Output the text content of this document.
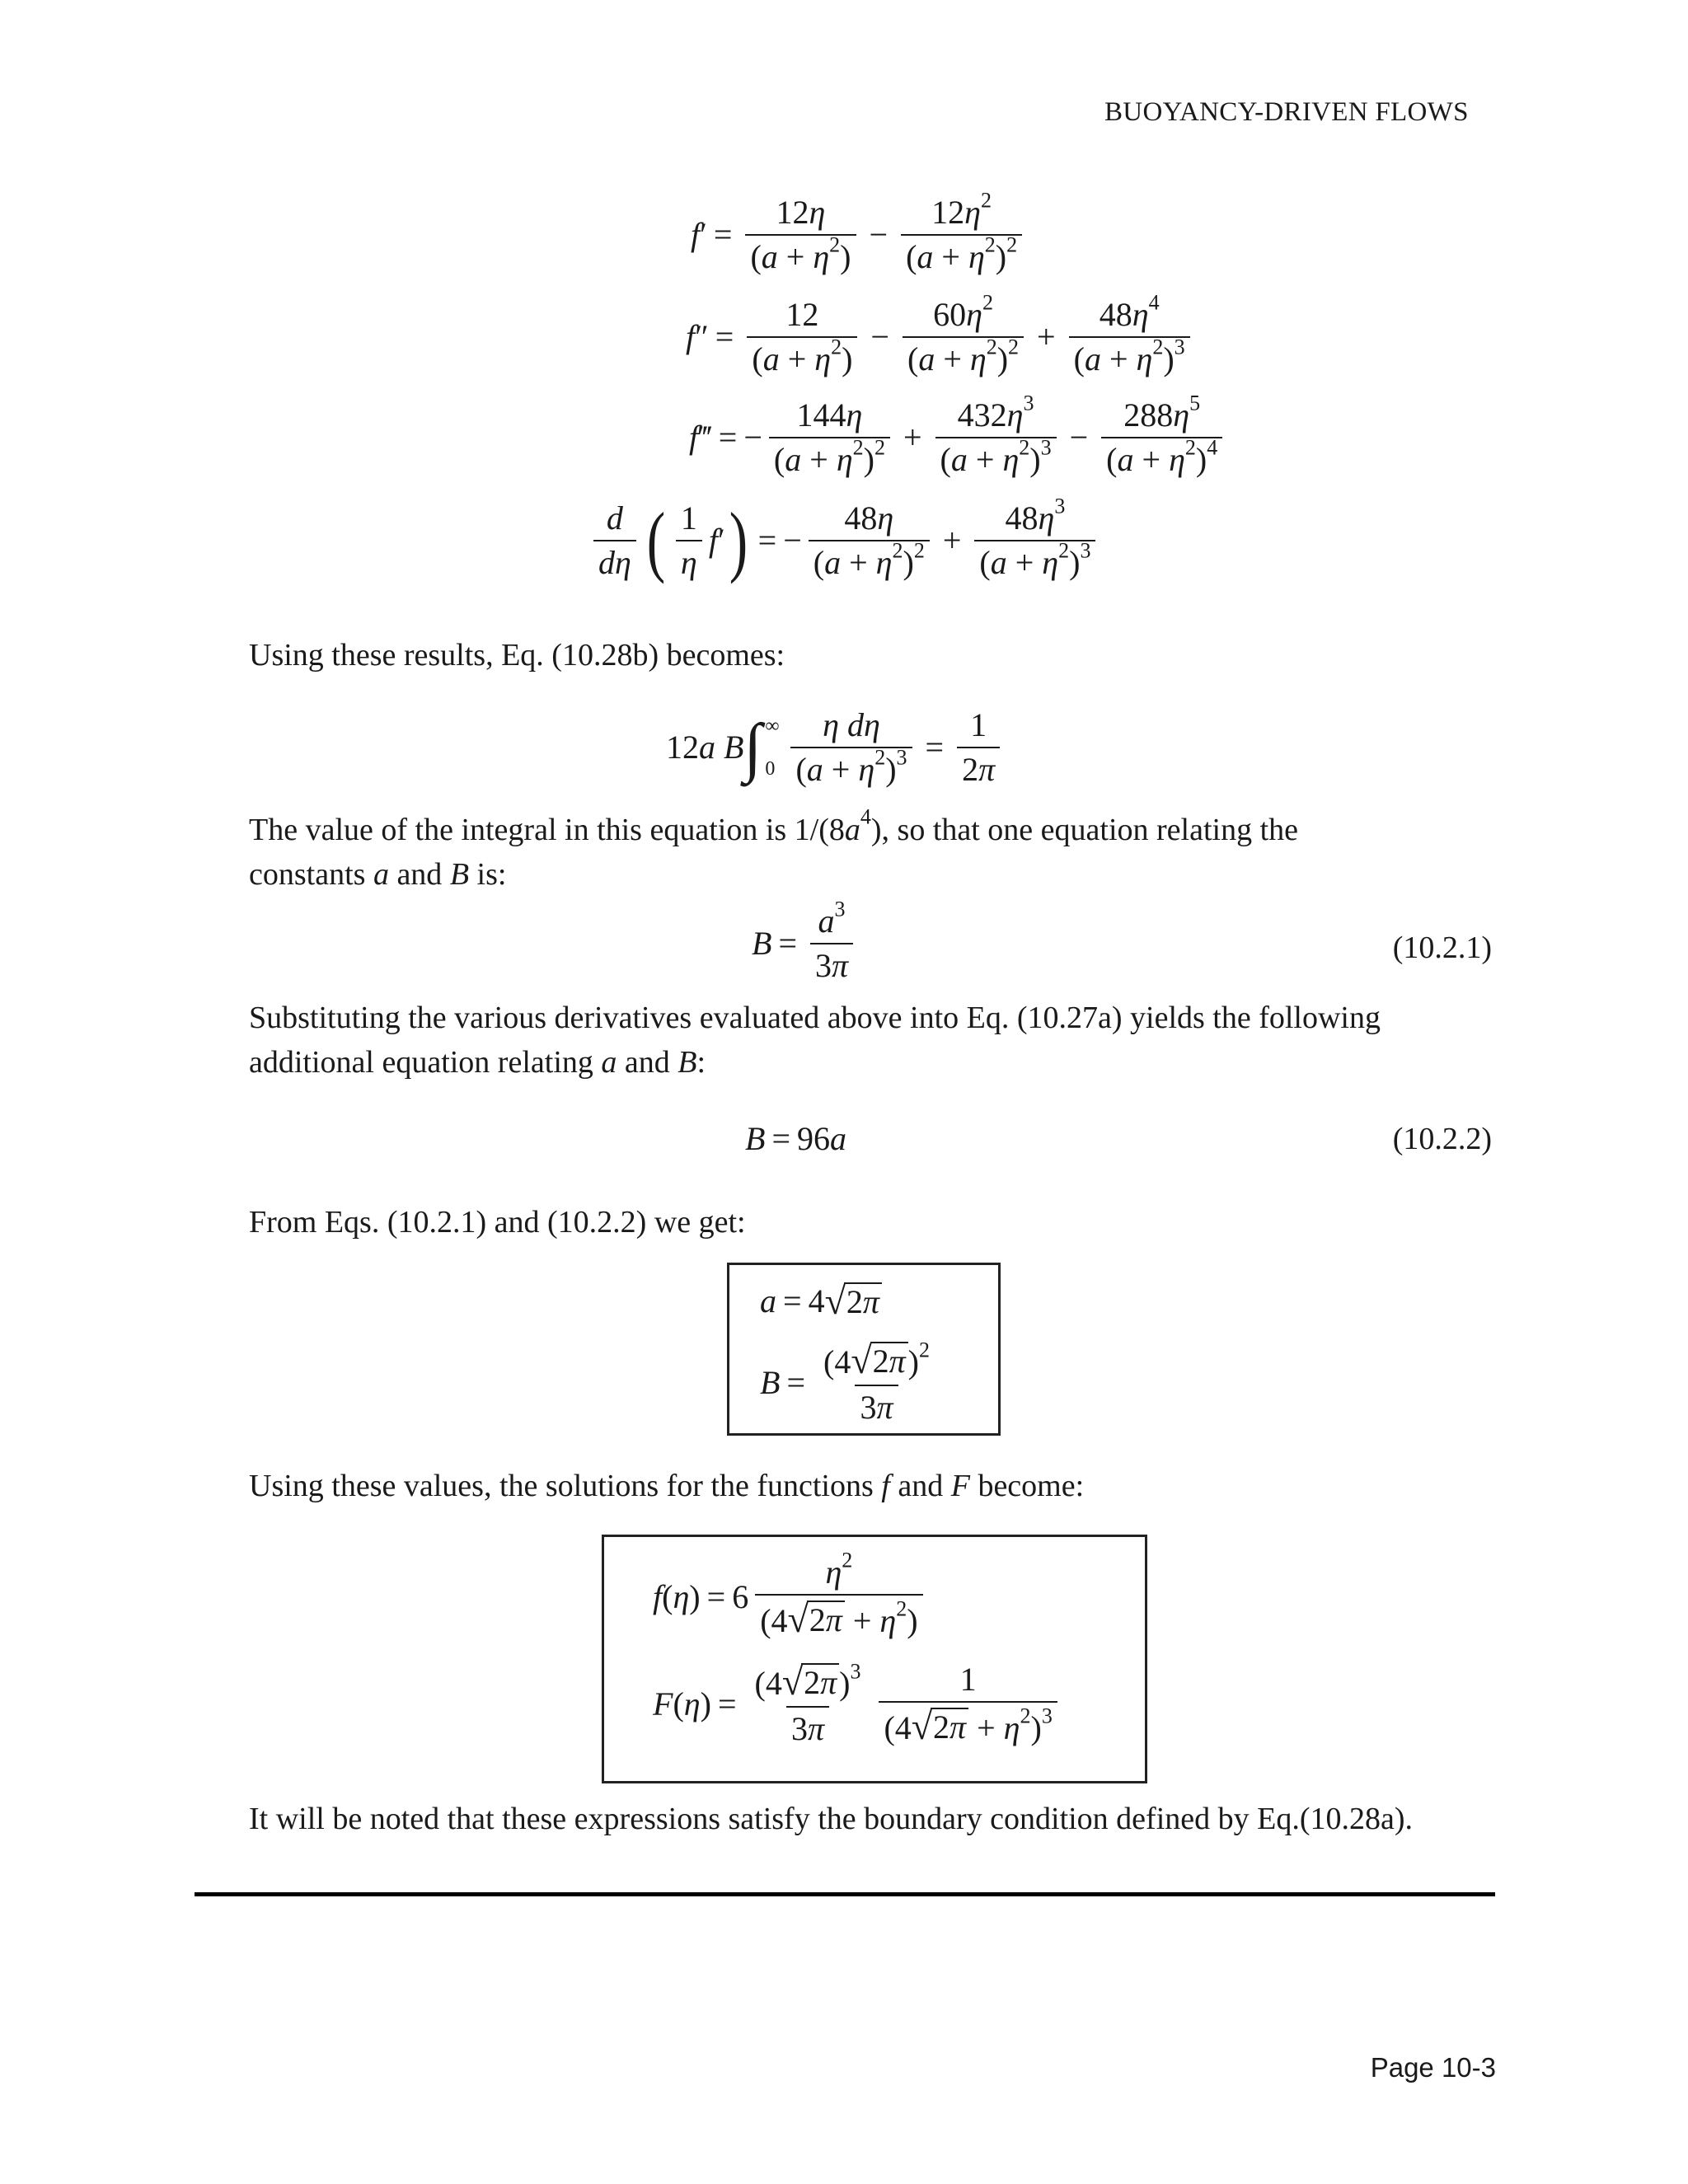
BUOYANCY-DRIVEN FLOWS
f ′ = $\frac{12\eta}{(a + \eta^2)} - \frac{12\eta^2}{(a + \eta^2)^2}$
f ″ = $\frac{12}{(a + \eta^2)} - \frac{60\eta^2}{(a + \eta^2)^2} + \frac{48\eta^4}{(a + \eta^2)^3}$
f ‴ = − $\frac{144\eta}{(a + \eta^2)^2} + \frac{432\eta^3}{(a + \eta^2)^3} - \frac{288\eta^5}{(a + \eta^2)^4}$
$\frac{d}{d\eta}$ ( $\frac{1}{\eta}$ f ′ ) = − $\frac{48\eta}{(a + \eta^2)^2} + \frac{48\eta^3}{(a + \eta^2)^3}$
Using these results, Eq. (10.28b) becomes:
12 a
B ∫ ∞
$0 \frac{\text{η dη}}{(a + \eta^2)^3} = \frac{1}{2\pi}$
The value of the integral in this equation is $1/(8a^4)$, so that one equation relating the
constants a and B is:
$B = \frac{a^3}{3\pi}$	(10.2.1)
Substituting the various derivatives evaluated above into Eq. (10.27a) yields the following
additional equation relating a and B:
B = 96 a	(10.2.2)
From Eqs. (10.2.1) and (10.2.2) we get:
a = 4 √ 2π
$B = \frac{(4 √ 2\pi )^2}{3\pi}$
Using these values, the solutions for the functions f and F become:
f ( η ) = $6 \frac{\eta^2}{(4 √ 2\pi + \eta^2)}$
F ( η ) = $\frac{(4 √ 2\pi )^3}{3\pi} \frac{1}{(4 √ 2\pi + \eta^2)^3}$
It will be noted that these expressions satisfy the boundary condition defined by Eq.(10.28a).
Page 10-3
